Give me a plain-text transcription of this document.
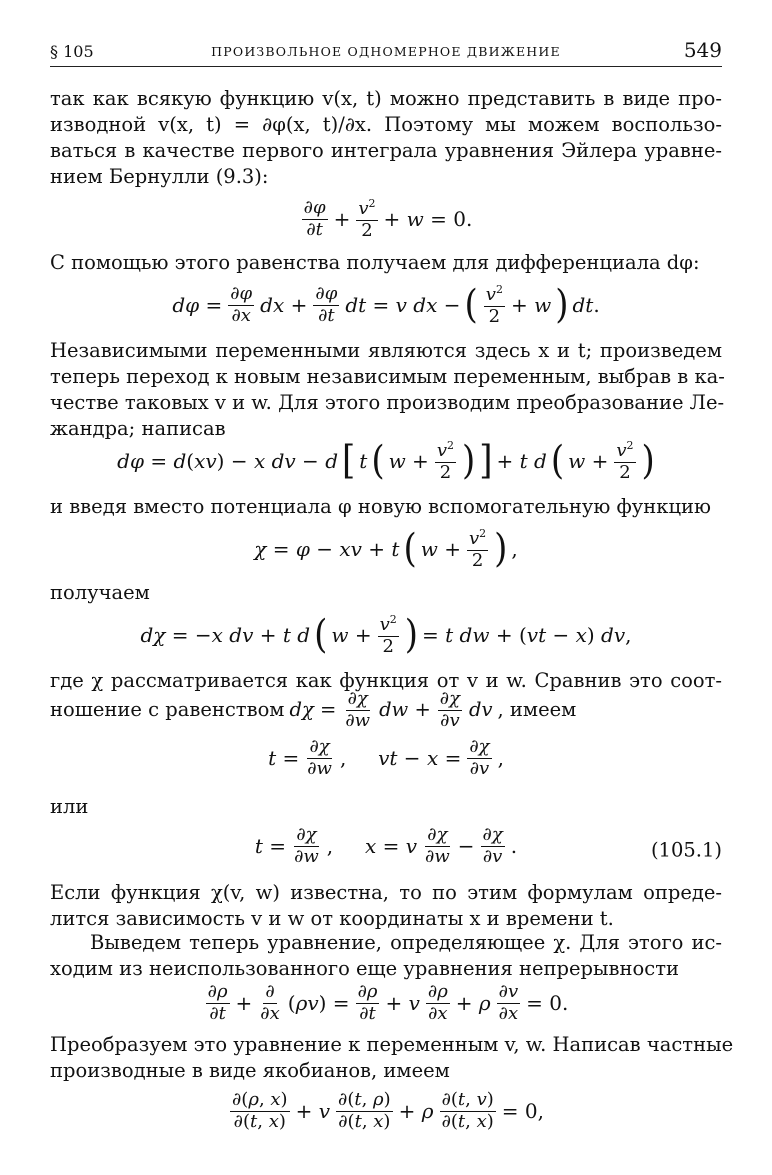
§ 105	ПРОИЗВОЛЬНОЕ ОДНОМЕРНОЕ ДВИЖЕНИЕ	549
так как всякую функцию v(x, t) можно представить в виде про-
изводной v(x, t) = ∂φ(x, t)/∂x. Поэтому мы можем воспользо-
ваться в качестве первого интеграла уравнения Эйлера уравне-
нием Бернулли (9.3):
$\frac{\partial\varphi}{\partial t} + \frac{v^2}{2} + w = 0$.
С помощью этого равенства получаем для дифференциала dφ:
$d\varphi = \frac{\partial\varphi}{\partial x}$ dx + $\frac{\partial\varphi}{\partial t}$ dt = v dx − ( $\frac{v^2}{2} + w$ ) dt.
Независимыми переменными являются здесь x и t; произведем
теперь переход к новым независимым переменным, выбрав в ка-
честве таковых v и w. Для этого производим преобразование Ле-
жандра; написав
dφ = d(xv) − x dv − d [ t ( $w + \frac{v^2}{2}$ ) ] + t d ( $w + \frac{v^2}{2}$ )
и введя вместо потенциала φ новую вспомогательную функцию
χ = φ − xv + t ( $w + \frac{v^2}{2}$ ) ,
получаем
dχ = −x dv + t d ( $w + \frac{v^2}{2}$ ) = t dw + (vt − x) dv,
где χ рассматривается как функция от v и w. Сравнив это соот-
ношение с равенством $d\chi = \frac{\partial\chi}{\partial w}$ dw + $\frac{\partial\chi}{\partial v}$ dv , имеем
$t = \frac{\partial\chi}{\partial w}$ ,     vt − $x = \frac{\partial\chi}{\partial v}$ ,
или
$t = \frac{\partial\chi}{\partial w}$ ,     x = v $\frac{\partial\chi}{\partial w} - \frac{\partial\chi}{\partial v}$ .	(105.1)
Если функция χ(v, w) известна, то по этим формулам опреде-
лится зависимость v и w от координаты x и времени t.
Выведем теперь уравнение, определяющее χ. Для этого ис-
ходим из неиспользованного еще уравнения непрерывности
$\frac{\partial\rho}{\partial t} + \frac{\partial}{\partial x} (\rho v) = \frac{\partial\rho}{\partial t} + v \frac{\partial\rho}{\partial x} + \rho \frac{\partial v}{\partial x} = 0$.
Преобразуем это уравнение к переменным v, w. Написав частные
производные в виде якобианов, имеем
$\frac{\partial(\rho, x)}{\partial(t, x)} + v \frac{\partial(t, \rho)}{\partial(t, x)} + \rho \frac{\partial(t, v)}{\partial(t, x)} = 0$,
